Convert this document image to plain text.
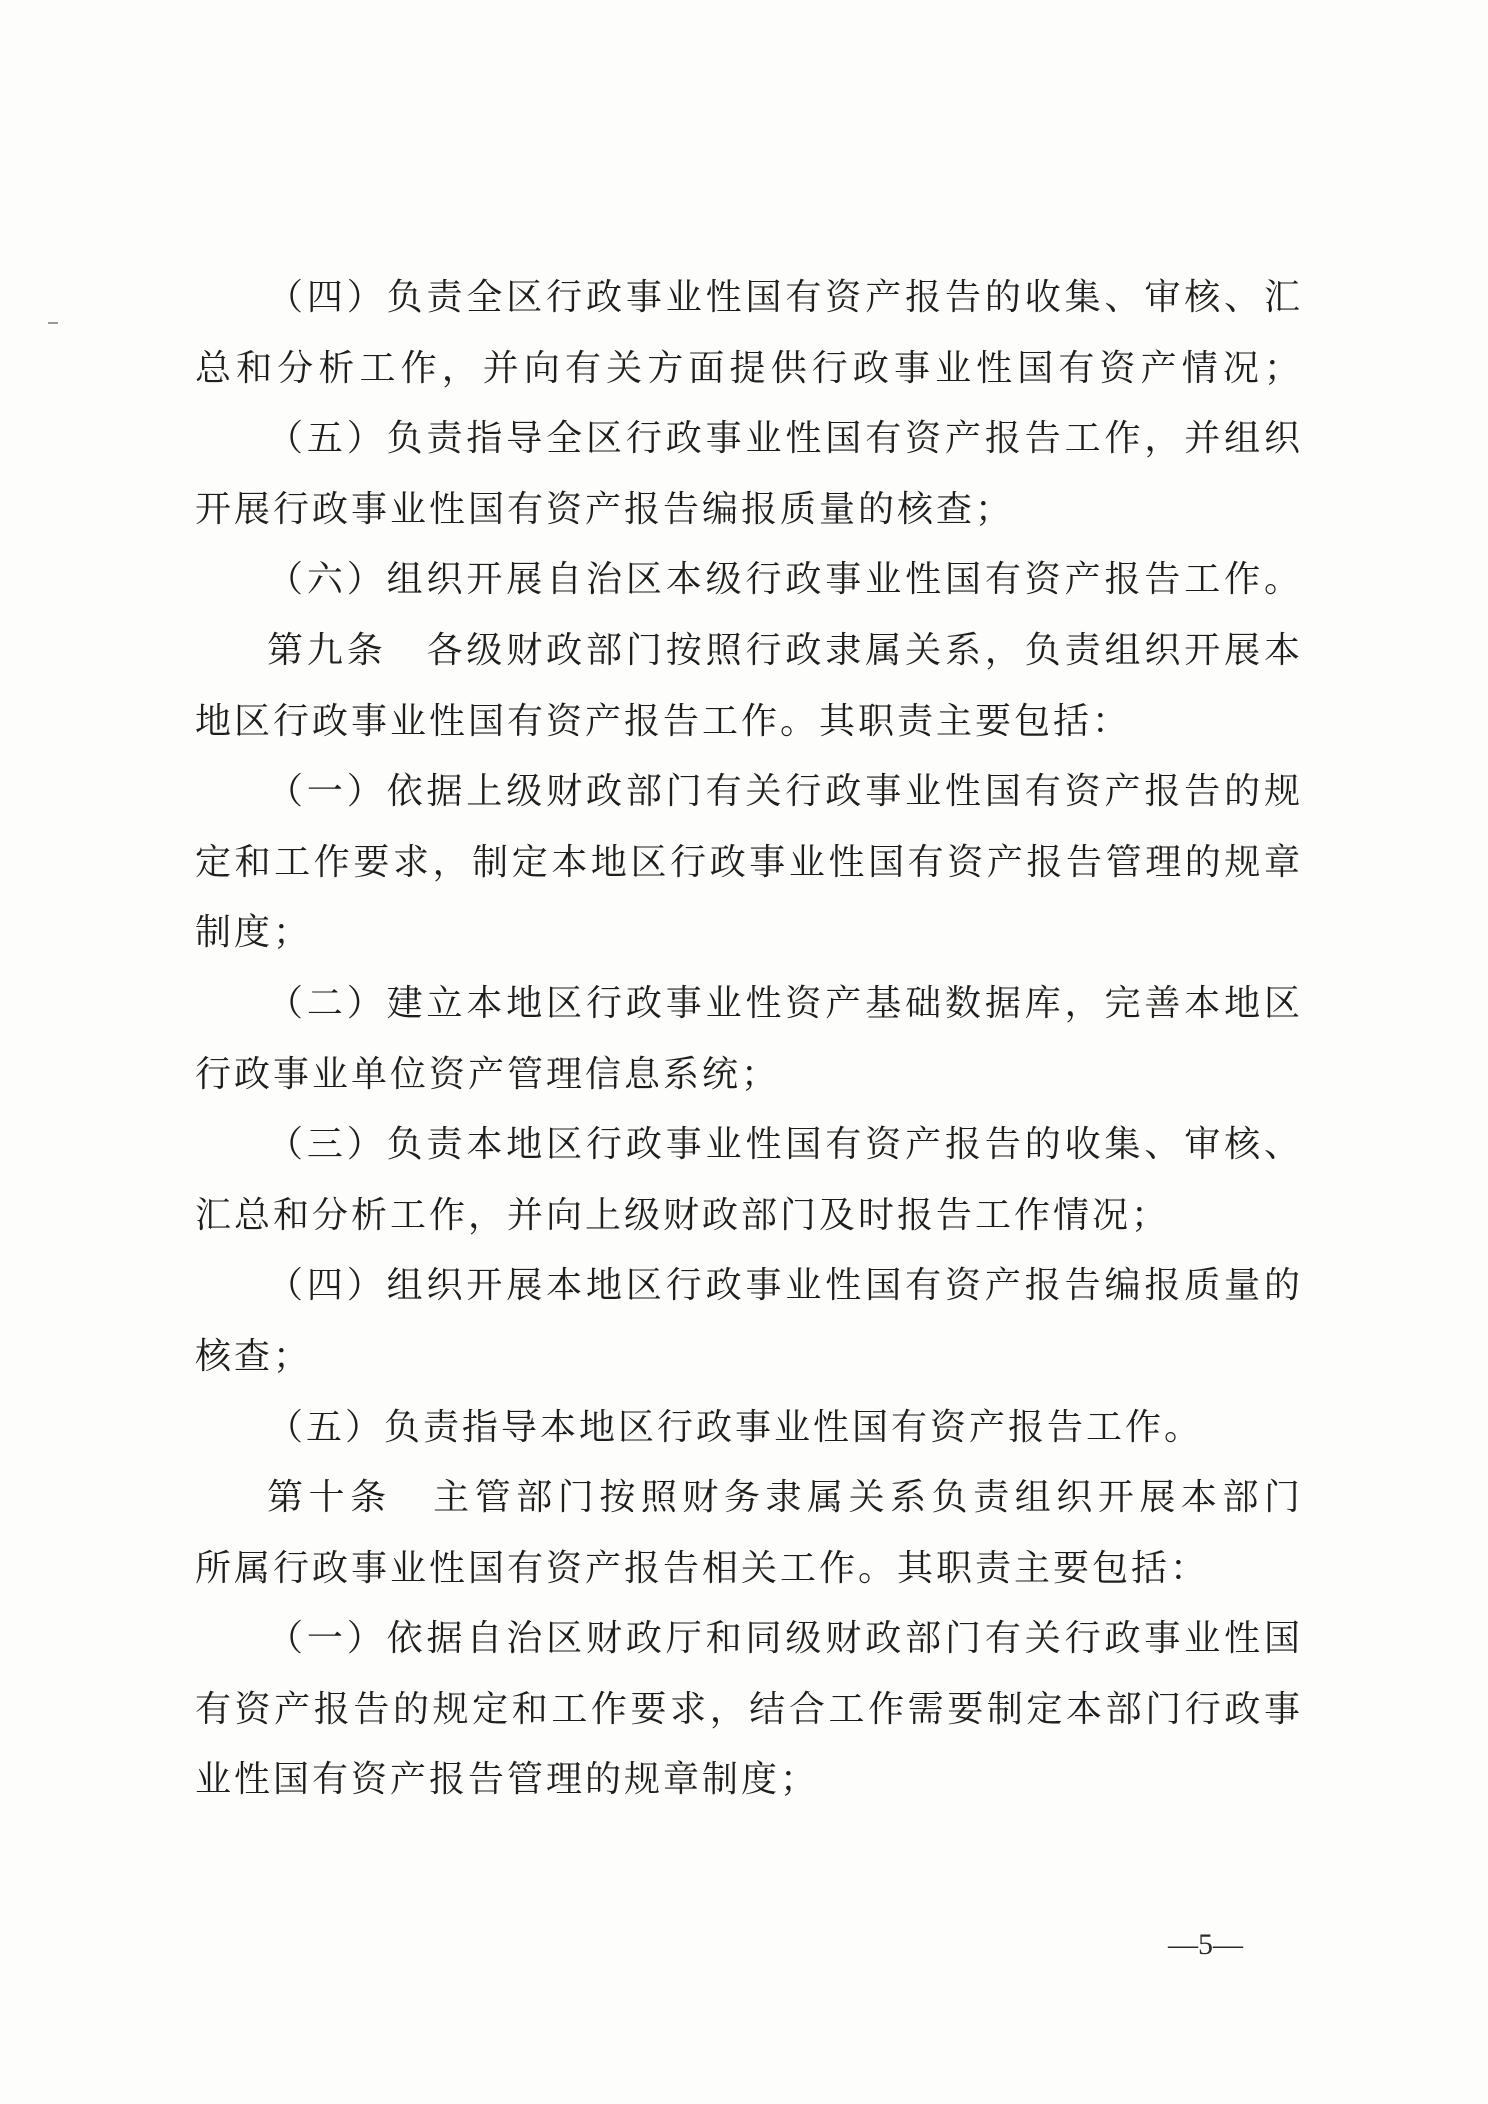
（四）负责全区行政事业性国有资产报告的收集、审核、汇
总和分析工作，并向有关方面提供行政事业性国有资产情况；
（五）负责指导全区行政事业性国有资产报告工作，并组织
开展行政事业性国有资产报告编报质量的核查；
（六）组织开展自治区本级行政事业性国有资产报告工作。
第九条　各级财政部门按照行政隶属关系，负责组织开展本
地区行政事业性国有资产报告工作。其职责主要包括：
（一）依据上级财政部门有关行政事业性国有资产报告的规
定和工作要求，制定本地区行政事业性国有资产报告管理的规章
制度；
（二）建立本地区行政事业性资产基础数据库，完善本地区
行政事业单位资产管理信息系统；
（三）负责本地区行政事业性国有资产报告的收集、审核、
汇总和分析工作，并向上级财政部门及时报告工作情况；
（四）组织开展本地区行政事业性国有资产报告编报质量的
核查；
（五）负责指导本地区行政事业性国有资产报告工作。
第十条　主管部门按照财务隶属关系负责组织开展本部门
所属行政事业性国有资产报告相关工作。其职责主要包括：
（一）依据自治区财政厅和同级财政部门有关行政事业性国
有资产报告的规定和工作要求，结合工作需要制定本部门行政事
业性国有资产报告管理的规章制度；
—5—
